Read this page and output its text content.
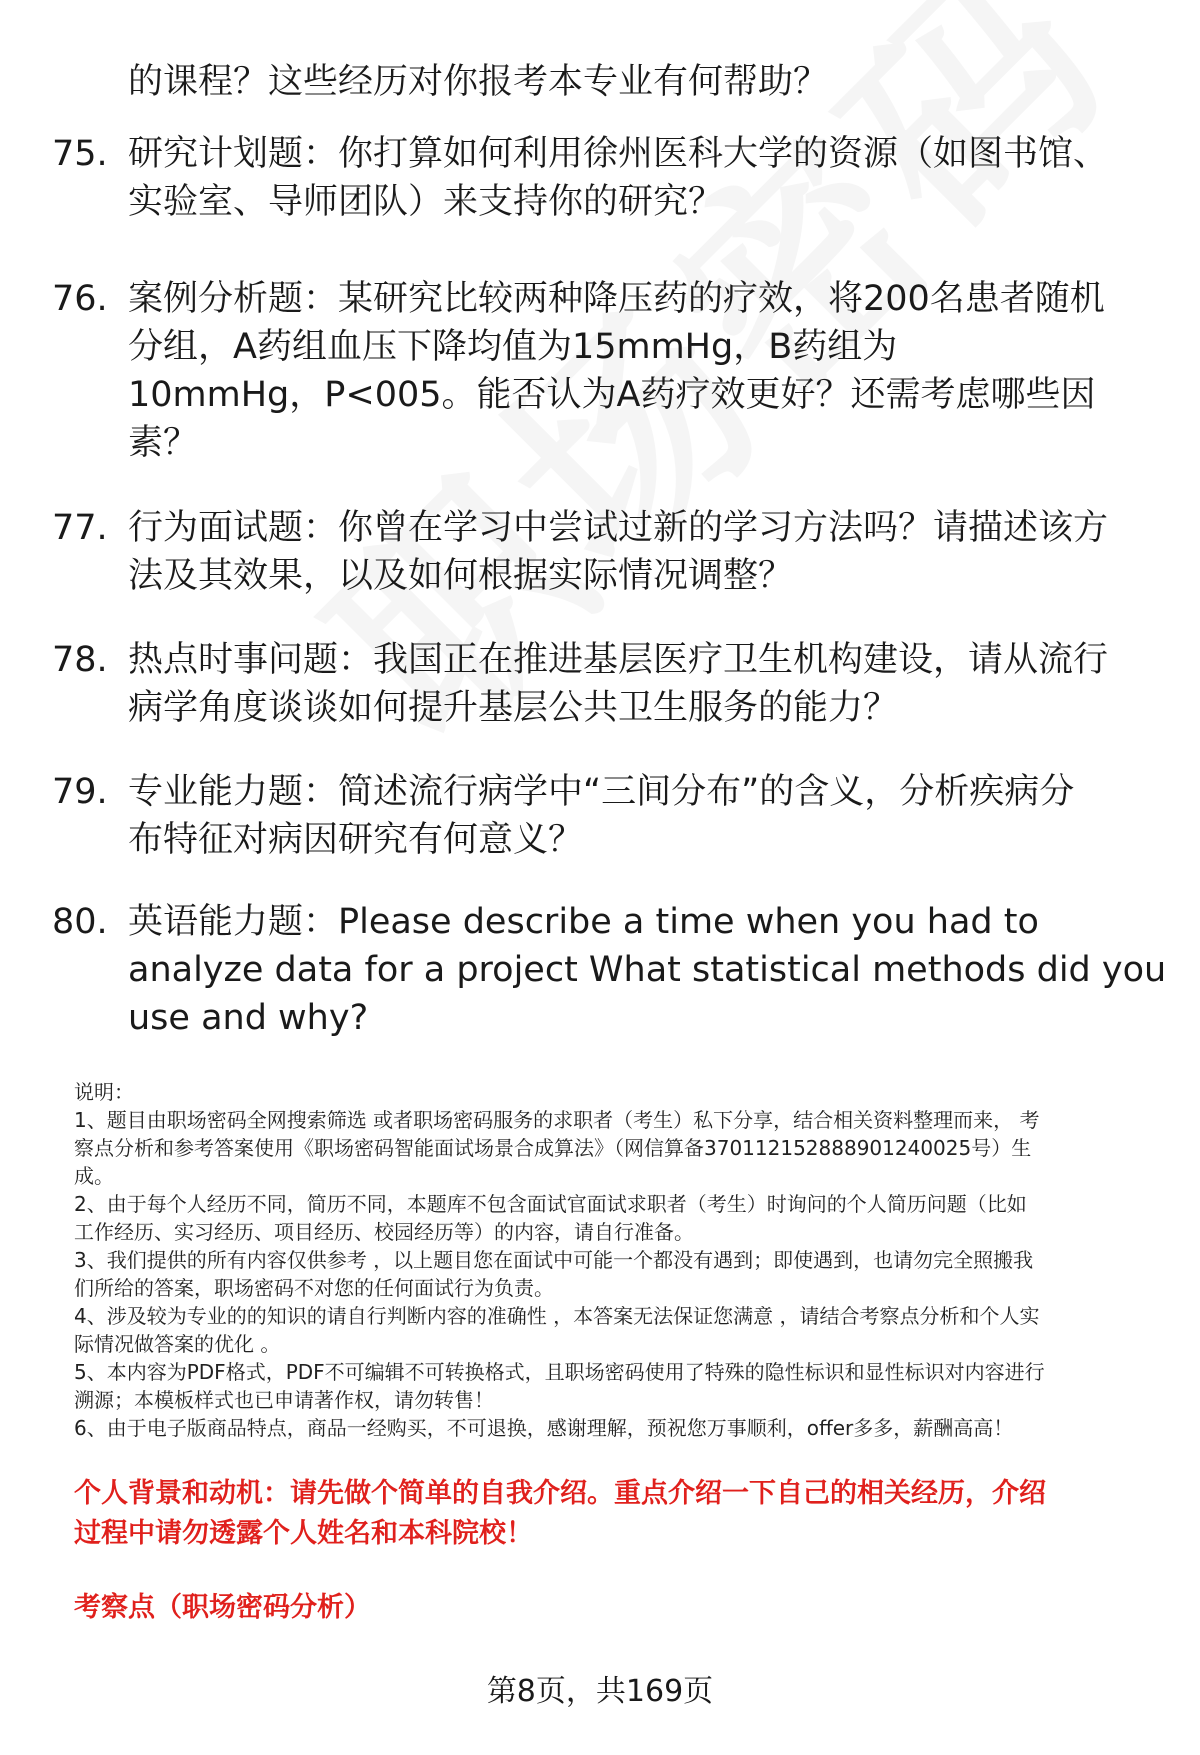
的课程？这些经历对你报考本专业有何帮助？
75. 研究计划题：你打算如何利用徐州医科大学的资源（如图书馆、
实验室、导师团队）来支持你的研究？
76. 案例分析题：某研究比较两种降压药的疗效，将200名患者随机
分组，A药组血压下降均值为15mmHg，B药组为
10mmHg，P<005。能否认为A药疗效更好？还需考虑哪些因
素？
77. 行为面试题：你曾在学习中尝试过新的学习方法吗？请描述该方
法及其效果，以及如何根据实际情况调整？
78. 热点时事问题：我国正在推进基层医疗卫生机构建设，请从流行
病学角度谈谈如何提升基层公共卫生服务的能力？
79. 专业能力题：简述流行病学中“三间分布”的含义，分析疾病分
布特征对病因研究有何意义？
80. 英语能力题：Please describe a time when you had to
analyze data for a project What statistical methods did you
use and why?
说明：
1、题目由职场密码全网搜索筛选 或者职场密码服务的求职者（考生）私下分享，结合相关资料整理而来， 考
察点分析和参考答案使用《职场密码智能面试场景合成算法》（网信算备370112152888901240025号）生
成。
2、由于每个人经历不同，简历不同，本题库不包含面试官面试求职者（考生）时询问的个人简历问题（比如
工作经历、实习经历、项目经历、校园经历等）的内容，请自行准备。
3、我们提供的所有内容仅供参考 ，以上题目您在面试中可能一个都没有遇到；即使遇到，也请勿完全照搬我
们所给的答案，职场密码不对您的任何面试行为负责。
4、涉及较为专业的的知识的请自行判断内容的准确性 ，本答案无法保证您满意 ，请结合考察点分析和个人实
际情况做答案的优化 。
5、本内容为PDF格式，PDF不可编辑不可转换格式，且职场密码使用了特殊的隐性标识和显性标识对内容进行
溯源；本模板样式也已申请著作权，请勿转售！
6、由于电子版商品特点，商品一经购买，不可退换，感谢理解，预祝您万事顺利，offer多多，薪酬高高！
个人背景和动机：请先做个简单的自我介绍。重点介绍一下自己的相关经历，介绍
过程中请勿透露个人姓名和本科院校！
考察点（职场密码分析）
第8页，共169页
